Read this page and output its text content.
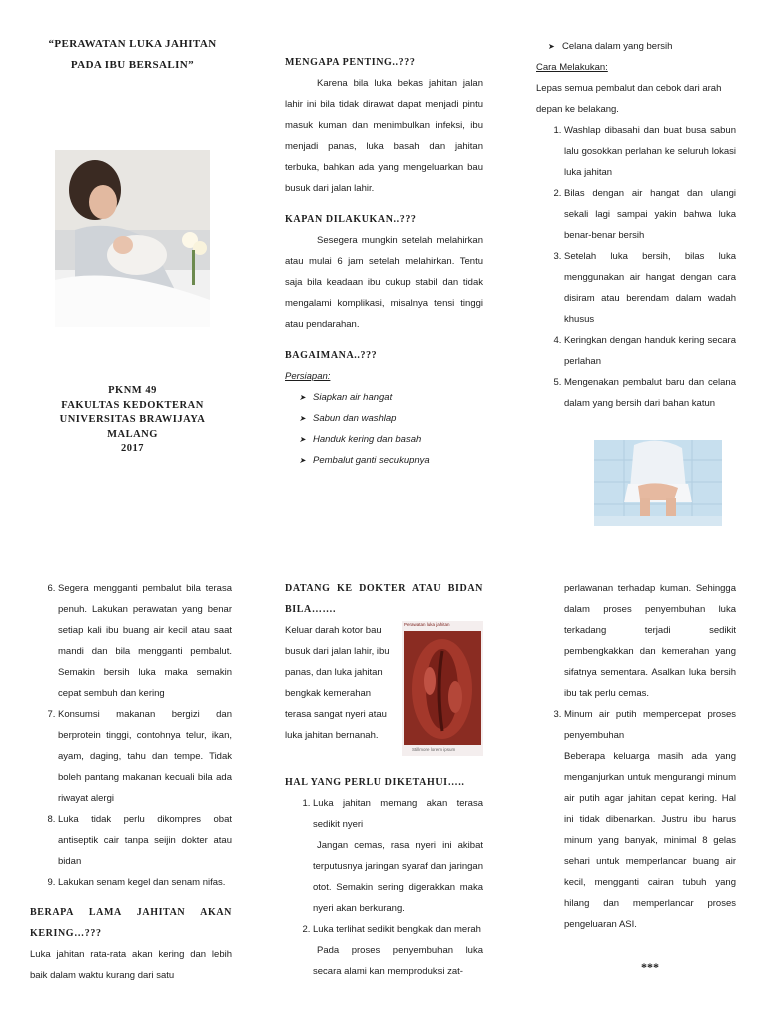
“PERAWATAN LUKA JAHITAN
PADA IBU BERSALIN”
PKNM 49
FAKULTAS KEDOKTERAN
UNIVERSITAS BRAWIJAYA
MALANG
2017
MENGAPA PENTING..???

Karena bila luka bekas jahitan jalan lahir ini bila tidak dirawat dapat menjadi pintu masuk kuman dan menimbulkan infeksi, ibu menjadi panas, luka basah dan jahitan terbuka, bahkan ada yang mengeluarkan bau busuk dari jalan lahir.

KAPAN DILAKUKAN..???

Sesegera mungkin setelah melahirkan atau mulai 6 jam setelah melahirkan. Tentu saja bila keadaan ibu cukup stabil dan tidak mengalami komplikasi, misalnya tensi tinggi atau pendarahan.

BAGAIMANA..???
Persiapan:
➤ Siapkan air hangat
➤ Sabun dan washlap
➤ Handuk kering dan basah
➤ Pembalut ganti secukupnya
➤ Celana dalam yang bersih
Cara Melakukan:

Lepas semua pembalut dan cebok dari arah depan ke belakang.

1. Washlap dibasahi dan buat busa sabun lalu gosokkan perlahan ke seluruh lokasi luka jahitan
2. Bilas dengan air hangat dan ulangi sekali lagi sampai yakin bahwa luka benar-benar bersih
3. Setelah luka bersih, bilas luka menggunakan air hangat dengan cara disiram atau berendam dalam wadah khusus
4. Keringkan dengan handuk kering secara perlahan
5. Mengenakan pembalut baru dan celana dalam yang bersih dari bahan katun
6. Segera mengganti pembalut bila terasa penuh. Lakukan perawatan yang benar setiap kali ibu buang air kecil atau saat mandi dan bila mengganti pembalut. Semakin bersih luka maka semakin cepat sembuh dan kering
7. Konsumsi makanan bergizi dan berprotein tinggi, contohnya telur, ikan, ayam, daging, tahu dan tempe. Tidak boleh pantang makanan kecuali bila ada riwayat alergi
8. Luka tidak perlu dikompres obat antiseptik cair tanpa seijin dokter atau bidan
9. Lakukan senam kegel dan senam nifas.
BERAPA LAMA JAHITAN AKAN KERING…???

Luka jahitan rata-rata akan kering dan lebih baik dalam waktu kurang dari satu

DATANG KE DOKTER ATAU BIDAN BILA…….

Keluar darah kotor bau busuk dari jalan lahir, ibu panas, dan luka jahitan bengkak kemerahan terasa sangat nyeri atau luka jahitan bernanah.

Perawatan luka jahitan
Stillmore lorem ipsum
HAL YANG PERLU DIKETAHUI…..

1. Luka jahitan memang akan terasa sedikit nyeri

Jangan cemas, rasa nyeri ini akibat terputusnya jaringan syaraf dan jaringan otot. Semakin sering digerakkan maka nyeri akan berkurang.

2. Luka terlihat sedikit bengkak dan merah

Pada proses penyembuhan luka secara alami kan memproduksi zat-

perlawanan terhadap kuman. Sehingga dalam proses penyembuhan luka terkadang terjadi sedikit pembengkakkan dan kemerahan yang sifatnya sementara. Asalkan luka bersih ibu tak perlu cemas.

3. Minum air putih mempercepat proses penyembuhan

Beberapa keluarga masih ada yang menganjurkan untuk mengurangi minum air putih agar jahitan cepat kering. Hal ini tidak dibenarkan. Justru ibu harus minum yang banyak, minimal 8 gelas sehari untuk memperlancar buang air kecil, mengganti cairan tubuh yang hilang dan memperlancar proses pengeluaran ASI.

***
